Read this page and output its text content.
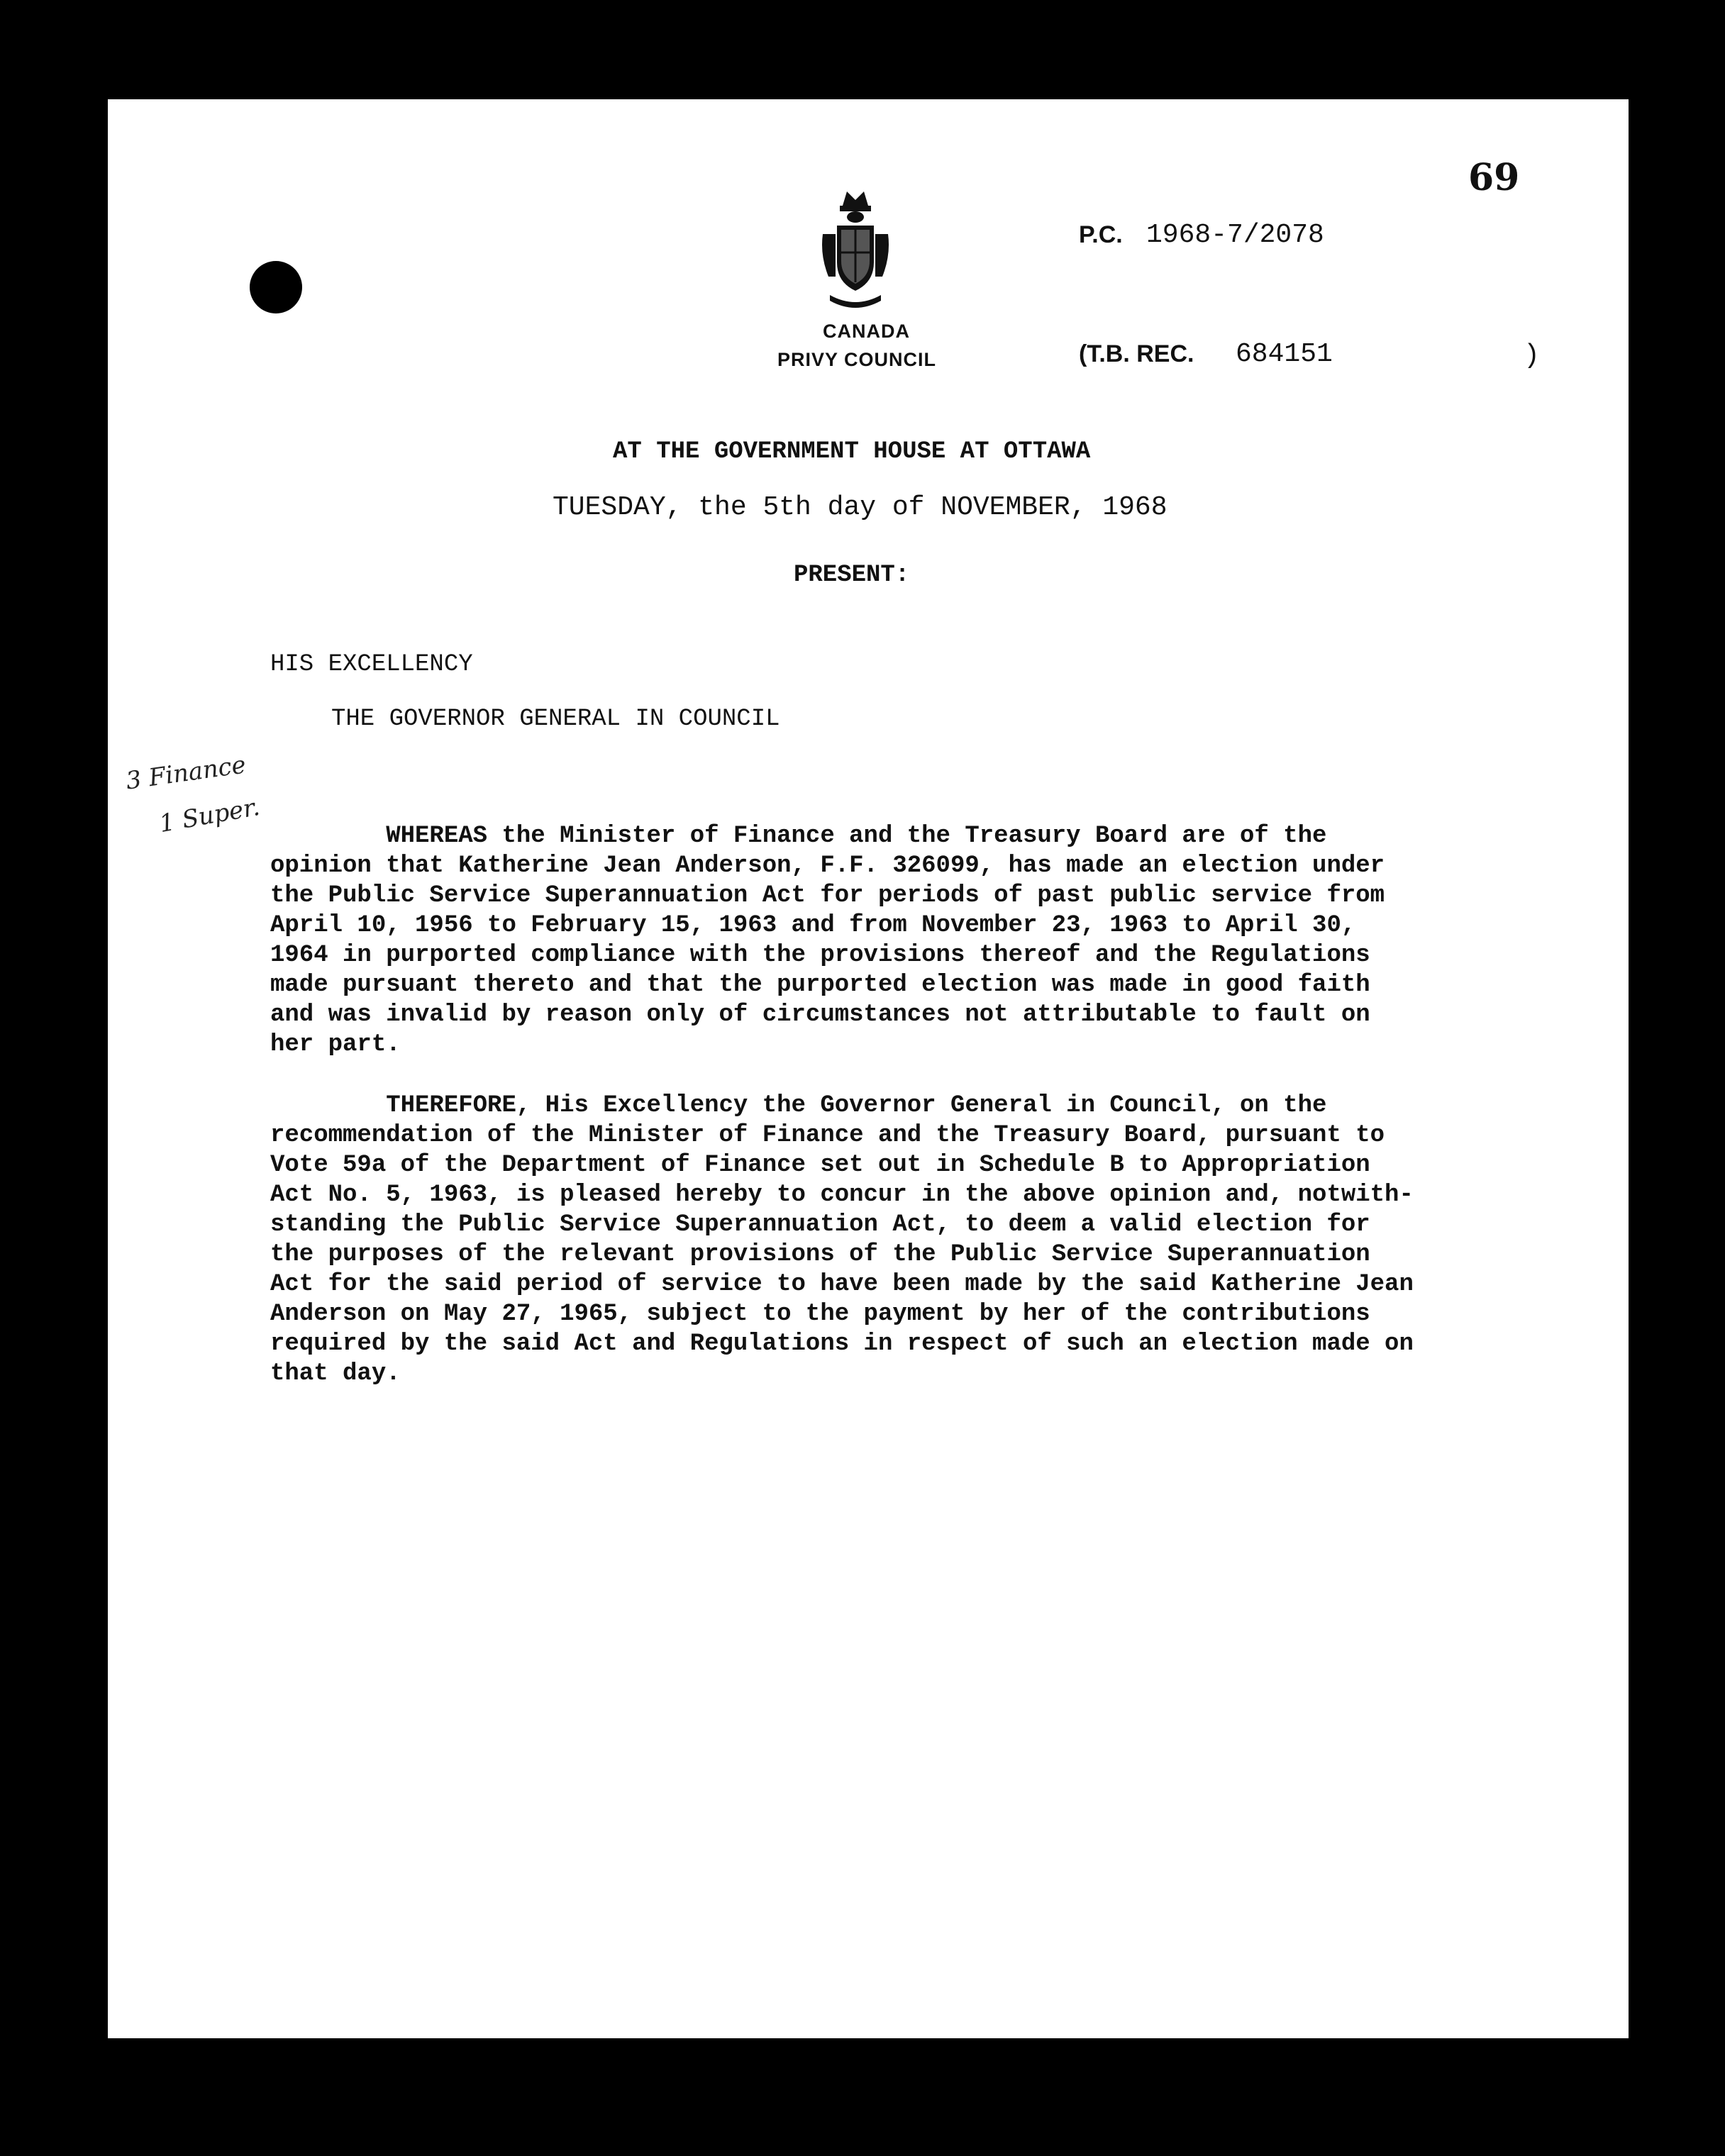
69
CANADA
PRIVY COUNCIL
P.C. 1968-7/2078
(T.B. REC. 684151	)
AT THE GOVERNMENT HOUSE AT OTTAWA
TUESDAY, the 5th day of NOVEMBER, 1968
PRESENT:
HIS EXCELLENCY
THE GOVERNOR GENERAL IN COUNCIL
3 Finance
1 Super. WHEREAS the Minister of Finance and the Treasury Board are of the
opinion that Katherine Jean Anderson, F.F. 326099, has made an election under
the Public Service Superannuation Act for periods of past public service from
April 10, 1956 to February 15, 1963 and from November 23, 1963 to April 30,
1964 in purported compliance with the provisions thereof and the Regulations
made pursuant thereto and that the purported election was made in good faith
and was invalid by reason only of circumstances not attributable to fault on
her part.

THEREFORE, His Excellency the Governor General in Council, on the
recommendation of the Minister of Finance and the Treasury Board, pursuant to
Vote 59a of the Department of Finance set out in Schedule B to Appropriation
Act No. 5, 1963, is pleased hereby to concur in the above opinion and, notwith-
standing the Public Service Superannuation Act, to deem a valid election for
the purposes of the relevant provisions of the Public Service Superannuation
Act for the said period of service to have been made by the said Katherine Jean
Anderson on May 27, 1965, subject to the payment by her of the contributions
required by the said Act and Regulations in respect of such an election made on
that day.
